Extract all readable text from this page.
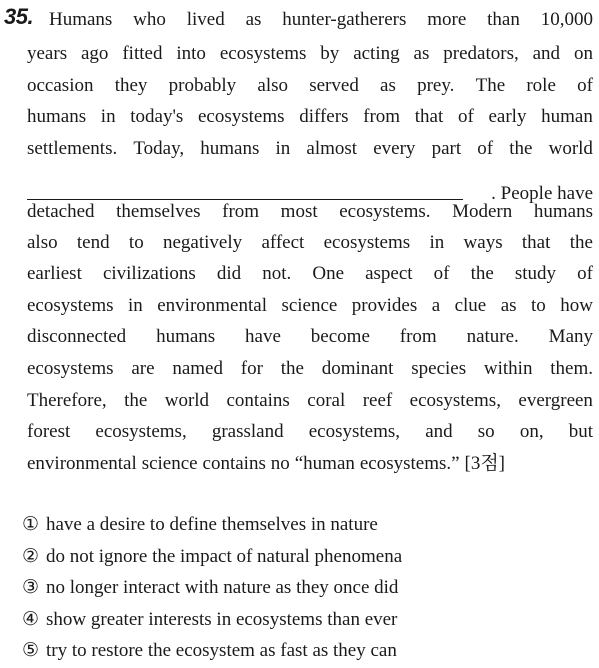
35. Humans who lived as hunter-gatherers more than 10,000
years ago fitted into ecosystems by acting as predators, and on
occasion they probably also served as prey. The role of
humans in today's ecosystems differs from that of early human
settlements. Today, humans in almost every part of the world
. People have
detached themselves from most ecosystems. Modern humans
also tend to negatively affect ecosystems in ways that the
earliest civilizations did not. One aspect of the study of
ecosystems in environmental science provides a clue as to how
disconnected humans have become from nature. Many
ecosystems are named for the dominant species within them.
Therefore, the world contains coral reef ecosystems, evergreen
forest ecosystems, grassland ecosystems, and so on, but
environmental science contains no “human ecosystems.” [3점]
① have a desire to define themselves in nature
② do not ignore the impact of natural phenomena
③ no longer interact with nature as they once did
④ show greater interests in ecosystems than ever
⑤ try to restore the ecosystem as fast as they can
